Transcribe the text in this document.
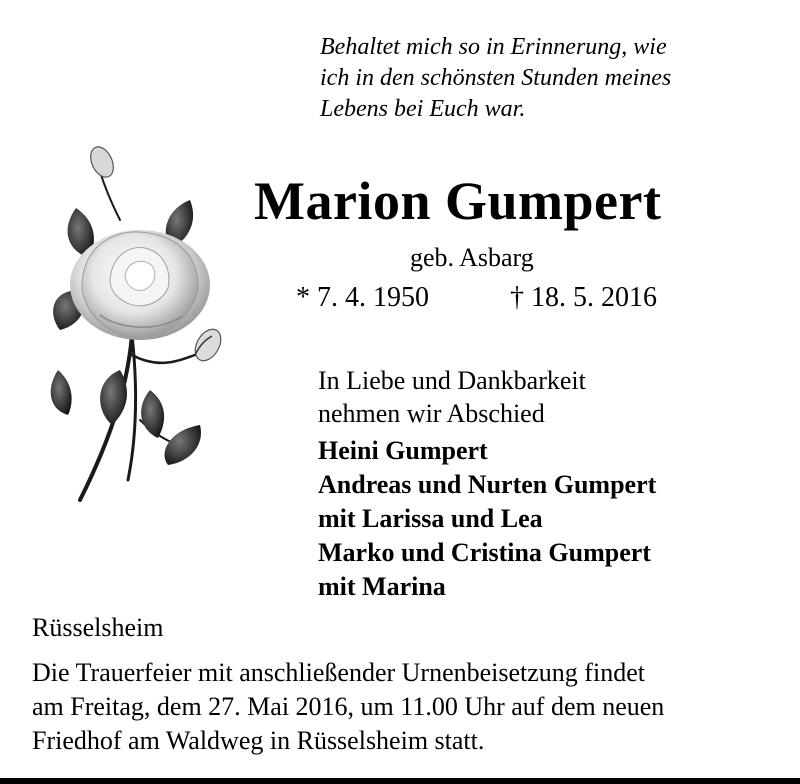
Behaltet mich so in Erinnerung, wie
ich in den schönsten Stunden meines
Lebens bei Euch war.
Marion Gumpert
geb. Asbarg
* 7. 4. 1950	† 18. 5. 2016
In Liebe und Dankbarkeit
nehmen wir Abschied
Heini Gumpert
Andreas und Nurten Gumpert
mit Larissa und Lea
Marko und Cristina Gumpert
mit Marina
Rüsselsheim
Die Trauerfeier mit anschließender Urnenbeisetzung findet
am Freitag, dem 27. Mai 2016, um 11.00 Uhr auf dem neuen
Friedhof am Waldweg in Rüsselsheim statt.
